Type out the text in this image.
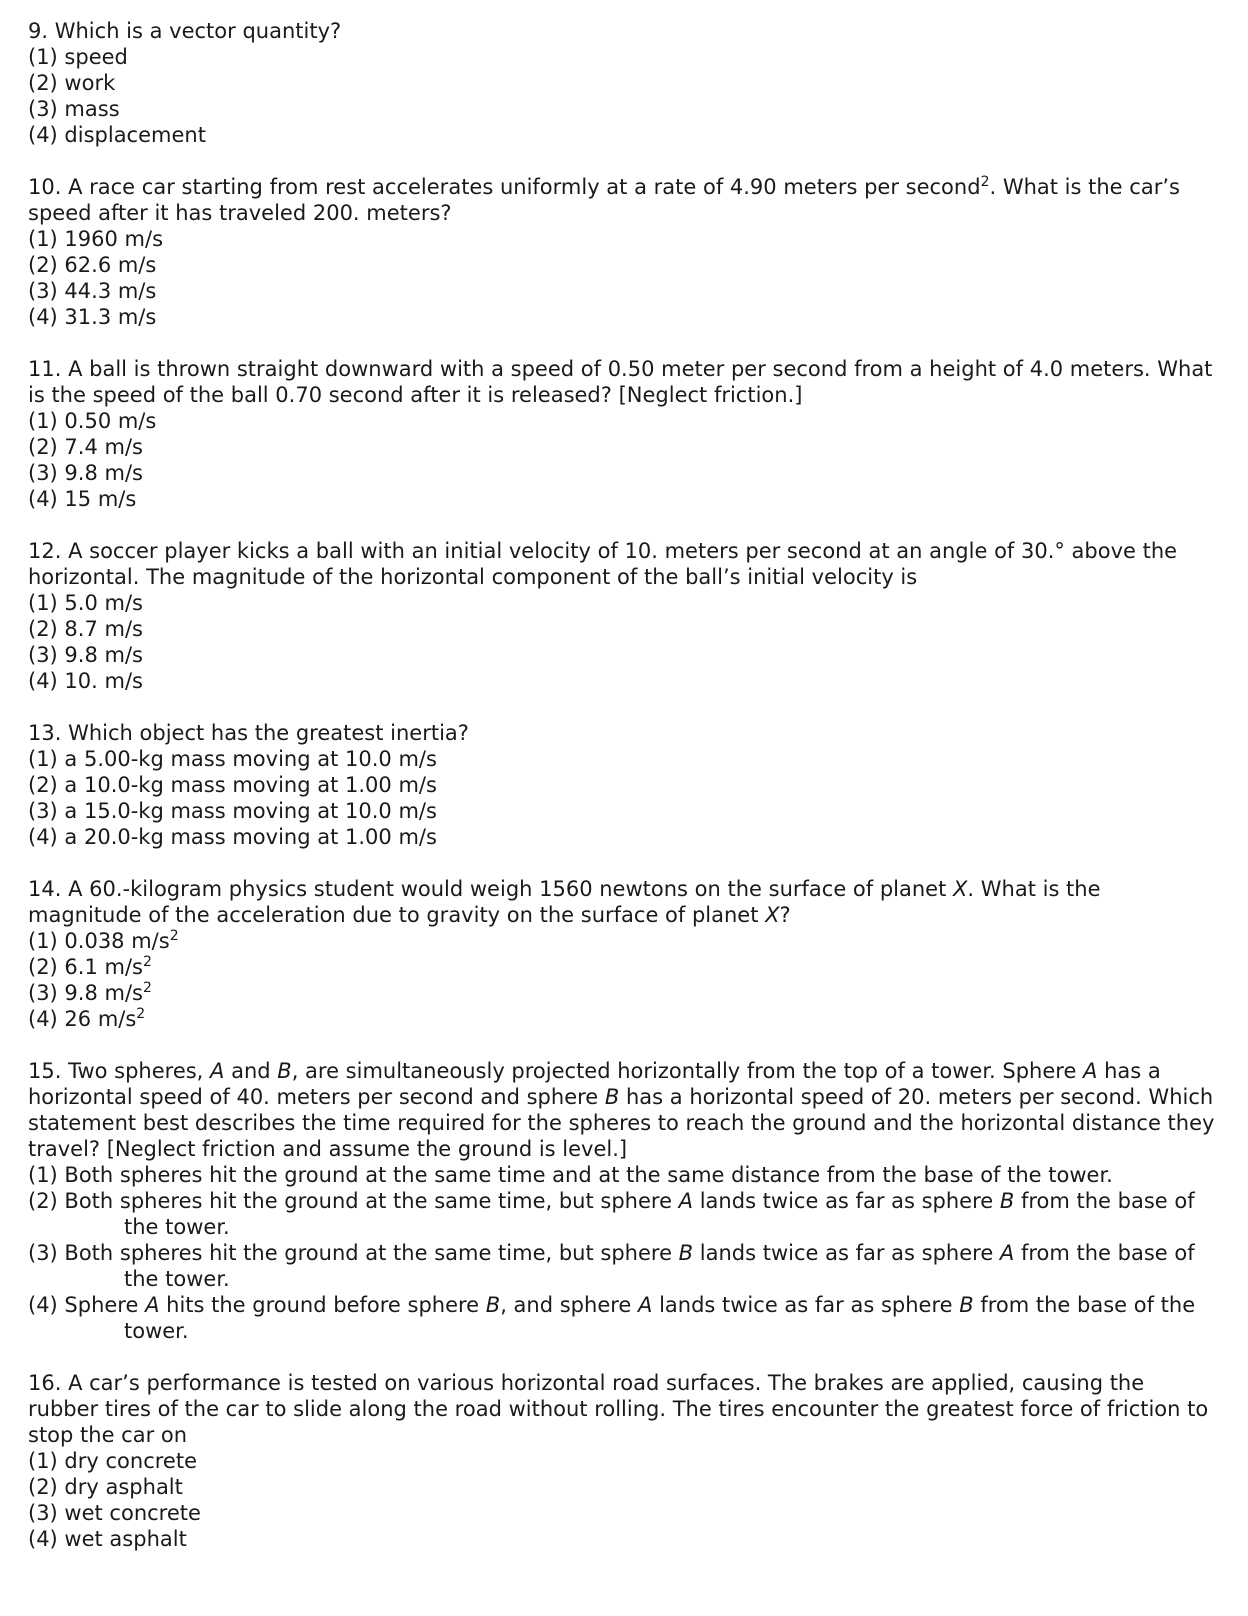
9. Which is a vector quantity?

(1) speed

(2) work

(3) mass

(4) displacement

10. A race car starting from rest accelerates uniformly at a rate of 4.90 meters per second$^2$. What is the car’s speed after it has traveled 200. meters?

(1) 1960 m/s

(2) 62.6 m/s

(3) 44.3 m/s

(4) 31.3 m/s

11. A ball is thrown straight downward with a speed of 0.50 meter per second from a height of 4.0 meters. What is the speed of the ball 0.70 second after it is released? [Neglect friction.]

(1) 0.50 m/s

(2) 7.4 m/s

(3) 9.8 m/s

(4) 15 m/s

12. A soccer player kicks a ball with an initial velocity of 10. meters per second at an angle of 30.° above the horizontal. The magnitude of the horizontal component of the ball’s initial velocity is

(1) 5.0 m/s

(2) 8.7 m/s

(3) 9.8 m/s

(4) 10. m/s

13. Which object has the greatest inertia?

(1) a 5.00-kg mass moving at 10.0 m/s

(2) a 10.0-kg mass moving at 1.00 m/s

(3) a 15.0-kg mass moving at 10.0 m/s

(4) a 20.0-kg mass moving at 1.00 m/s

14. A 60.-kilogram physics student would weigh 1560 newtons on the surface of planet X. What is the magnitude of the acceleration due to gravity on the surface of planet X?

(1) 0.038 $m/s^2$

(2) 6.1 $m/s^2$

(3) 9.8 $m/s^2$

(4) 26 $m/s^2$

15. Two spheres, A and B, are simultaneously projected horizontally from the top of a tower. Sphere A has a horizontal speed of 40. meters per second and sphere B has a horizontal speed of 20. meters per second. Which statement best describes the time required for the spheres to reach the ground and the horizontal distance they travel? [Neglect friction and assume the ground is level.]

(1) Both spheres hit the ground at the same time and at the same distance from the base of the tower.

(2) Both spheres hit the ground at the same time, but sphere A lands twice as far as sphere B from the base of the tower.

(3) Both spheres hit the ground at the same time, but sphere B lands twice as far as sphere A from the base of the tower.

(4) Sphere A hits the ground before sphere B, and sphere A lands twice as far as sphere B from the base of the tower.

16. A car’s performance is tested on various horizontal road surfaces. The brakes are applied, causing the rubber tires of the car to slide along the road without rolling. The tires encounter the greatest force of friction to stop the car on

(1) dry concrete

(2) dry asphalt

(3) wet concrete

(4) wet asphalt
